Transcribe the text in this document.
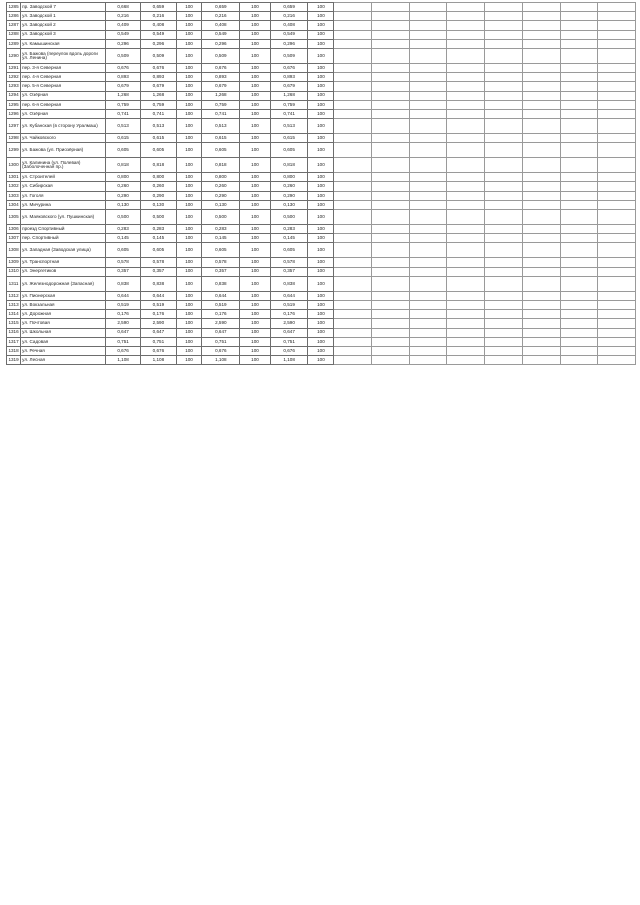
1285	пр. Заводской 7	0,668	0,659	100	0,659	100	0,659	100								
1286	ул. Заводской 1	0,216	0,216	100	0,216	100	0,216	100								
1287	ул. Заводской 2	0,409	0,408	100	0,408	100	0,408	100								
1288	ул. Заводской 3	0,549	0,549	100	0,549	100	0,549	100								
1289	ул. Камышинская	0,296	0,296	100	0,296	100	0,296	100								
1290	ул. Бажова (переулок вдоль дороги ул. Ленина)	0,509	0,509	100	0,509	100	0,509	100								
1291	пер. 3-я Северная	0,676	0,676	100	0,676	100	0,676	100								
1292	пер. 4-я Северная	0,893	0,893	100	0,893	100	0,893	100								
1293	пер. 5-я Северная	0,679	0,679	100	0,679	100	0,679	100								
1294	ул. Озёрная	1,268	1,268	100	1,268	100	1,268	100								
1295	пер. 6-я Северная	0,759	0,759	100	0,759	100	0,759	100								
1296	ул. Озёрная	0,741	0,741	100	0,741	100	0,741	100								
1297	ул. Кубанская (в сторону Уралмаш)	0,513	0,513	100	0,513	100	0,513	100								
1298	ул. Чайковского	0,615	0,615	100	0,615	100	0,615	100								
1299	ул. Бажова (ул. Приозёрная)	0,605	0,605	100	0,605	100	0,605	100								
1300	ул. Калинина (ул. Полевая) (Заболоченная пр.)	0,818	0,818	100	0,818	100	0,818	100								
1301	ул. Строителей	0,800	0,800	100	0,800	100	0,800	100								
1302	ул. Сибирская	0,260	0,260	100	0,260	100	0,260	100								
1303	ул. Гоголя	0,290	0,290	100	0,290	100	0,290	100								
1304	ул. Мичурина	0,130	0,130	100	0,130	100	0,130	100								
1305	ул. Маяковского (ул. Пушкинская)	0,500	0,500	100	0,500	100	0,500	100								
1306	проезд Спортивный	0,283	0,283	100	0,283	100	0,283	100								
1307	пер. Спортивный	0,145	0,145	100	0,145	100	0,145	100								
1308	ул. Западная (Заводская улица)	0,605	0,605	100	0,605	100	0,605	100								
1309	ул. Транспортная	0,578	0,578	100	0,578	100	0,578	100								
1310	ул. Энергетиков	0,357	0,357	100	0,357	100	0,357	100								
1311	ул. Железнодорожная (Запасная)	0,838	0,838	100	0,838	100	0,838	100								
1312	ул. Пионерская	0,644	0,644	100	0,644	100	0,644	100								
1313	ул. Вокзальная	0,519	0,519	100	0,519	100	0,519	100								
1314	ул. Дорожная	0,176	0,176	100	0,176	100	0,176	100								
1315	ул. Почтовая	2,590	2,590	100	2,590	100	2,590	100								
1316	ул. Школьная	0,647	0,647	100	0,647	100	0,647	100								
1317	ул. Садовая	0,751	0,751	100	0,751	100	0,751	100								
1318	ул. Речная	0,676	0,676	100	0,676	100	0,676	100								
1319	ул. Лесная	1,108	1,108	100	1,108	100	1,108	100								
